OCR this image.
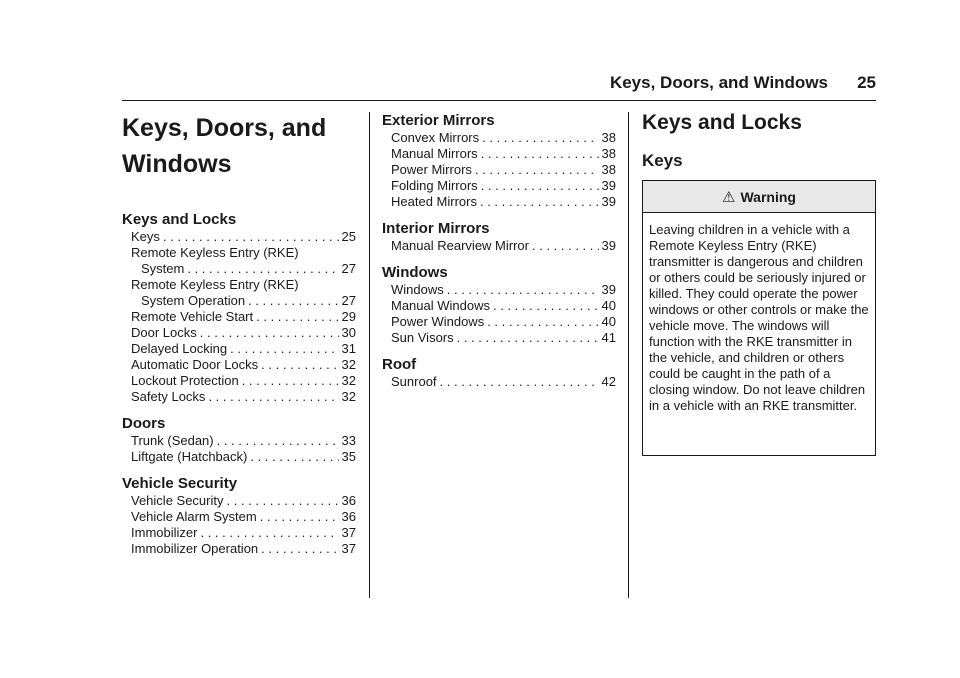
Keys, Doors, and Windows 25
Keys, Doors, and
Windows
Keys and Locks
Keys . . .	25
Remote Keyless Entry (RKE)
System . . .	27
Remote Keyless Entry (RKE)
System Operation . . .	27
Remote Vehicle Start . . .	29
Door Locks . . .	30
Delayed Locking . . .	31
Automatic Door Locks . . .	32
Lockout Protection . . .	32
Safety Locks . . .	32
Doors
Trunk (Sedan) . . .	33
Liftgate (Hatchback) . . .	35
Vehicle Security
Vehicle Security . . .	36
Vehicle Alarm System . . .	36
Immobilizer . . .	37
Immobilizer Operation . . .	37
Exterior Mirrors
Convex Mirrors . . .	38
Manual Mirrors . . .	38
Power Mirrors . . .	38
Folding Mirrors . . .	39
Heated Mirrors . . .	39
Interior Mirrors
Manual Rearview Mirror . . .	39
Windows
Windows . . .	39
Manual Windows . . .	40
Power Windows . . .	40
Sun Visors . . .	41
Roof
Sunroof . . .	42
Keys and Locks
Keys
⚠ Warning
Leaving children in a vehicle with a Remote Keyless Entry (RKE) transmitter is dangerous and children or others could be seriously injured or killed. They could operate the power windows or other controls or make the vehicle move. The windows will function with the RKE transmitter in the vehicle, and children or others could be caught in the path of a closing window. Do not leave children in a vehicle with an RKE transmitter.
